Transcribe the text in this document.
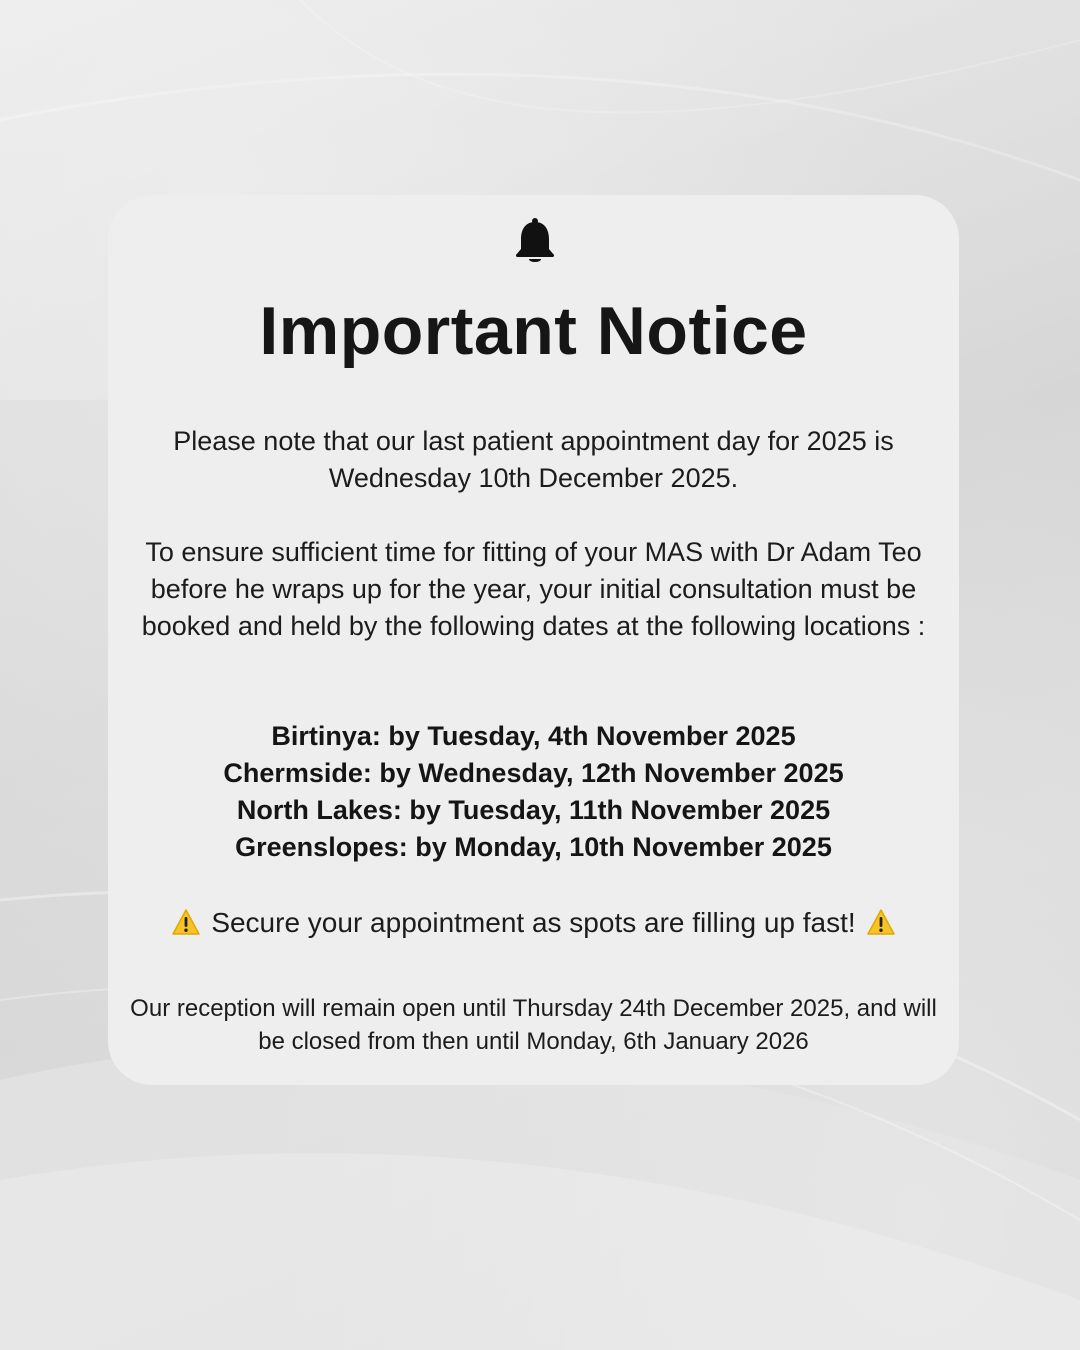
Important Notice

Please note that our last patient appointment day for 2025 is Wednesday 10th December 2025.

To ensure sufficient time for fitting of your MAS with Dr Adam Teo before he wraps up for the year, your initial consultation must be booked and held by the following dates at the following locations :

Birtinya: by Tuesday, 4th November 2025
Chermside: by Wednesday, 12th November 2025
North Lakes: by Tuesday, 11th November 2025
Greenslopes: by Monday, 10th November 2025

Secure your appointment as spots are filling up fast!

Our reception will remain open until Thursday 24th December 2025, and will be closed from then until Monday, 6th January 2026
